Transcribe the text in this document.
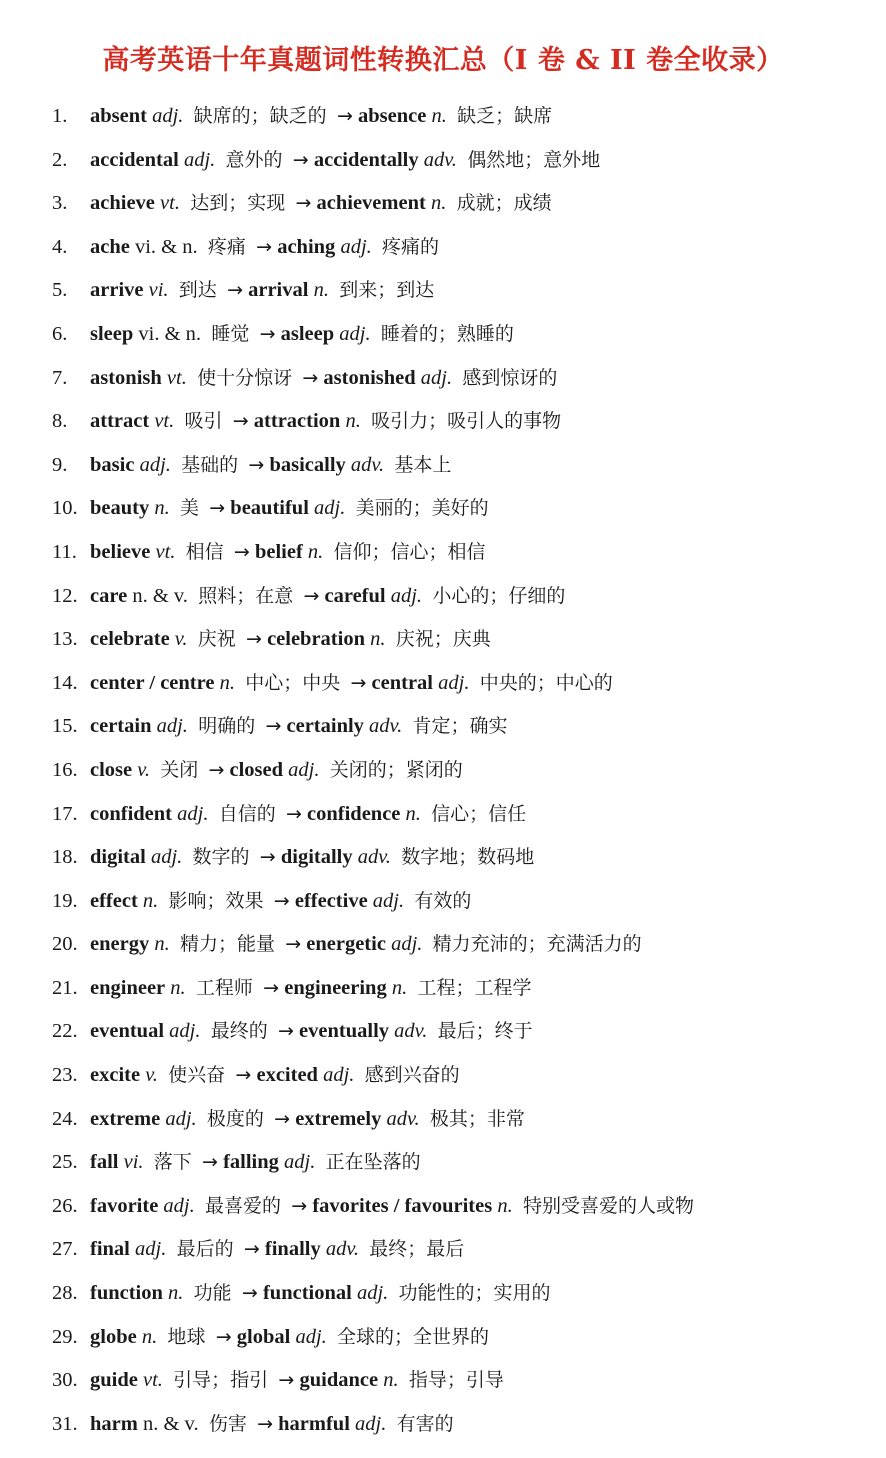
高考英语十年真题词性转换汇总（I 卷 & II 卷全收录）
1. absent adj. 缺席的；缺乏的 → absence n. 缺乏；缺席
2. accidental adj. 意外的 → accidentally adv. 偶然地；意外地
3. achieve vt. 达到；实现 → achievement n. 成就；成绩
4. ache vi. & n. 疼痛 → aching adj. 疼痛的
5. arrive vi. 到达 → arrival n. 到来；到达
6. sleep vi. & n. 睡觉 → asleep adj. 睡着的；熟睡的
7. astonish vt. 使十分惊讶 → astonished adj. 感到惊讶的
8. attract vt. 吸引 → attraction n. 吸引力；吸引人的事物
9. basic adj. 基础的 → basically adv. 基本上
10. beauty n. 美 → beautiful adj. 美丽的；美好的
11. believe vt. 相信 → belief n. 信仰；信心；相信
12. care n. & v. 照料；在意 → careful adj. 小心的；仔细的
13. celebrate v. 庆祝 → celebration n. 庆祝；庆典
14. center / centre n. 中心；中央 → central adj. 中央的；中心的
15. certain adj. 明确的 → certainly adv. 肯定；确实
16. close v. 关闭 → closed adj. 关闭的；紧闭的
17. confident adj. 自信的 → confidence n. 信心；信任
18. digital adj. 数字的 → digitally adv. 数字地；数码地
19. effect n. 影响；效果 → effective adj. 有效的
20. energy n. 精力；能量 → energetic adj. 精力充沛的；充满活力的
21. engineer n. 工程师 → engineering n. 工程；工程学
22. eventual adj. 最终的 → eventually adv. 最后；终于
23. excite v. 使兴奋 → excited adj. 感到兴奋的
24. extreme adj. 极度的 → extremely adv. 极其；非常
25. fall vi. 落下 → falling adj. 正在坠落的
26. favorite adj. 最喜爱的 → favorites / favourites n. 特别受喜爱的人或物
27. final adj. 最后的 → finally adv. 最终；最后
28. function n. 功能 → functional adj. 功能性的；实用的
29. globe n. 地球 → global adj. 全球的；全世界的
30. guide vt. 引导；指引 → guidance n. 指导；引导
31. harm n. & v. 伤害 → harmful adj. 有害的
